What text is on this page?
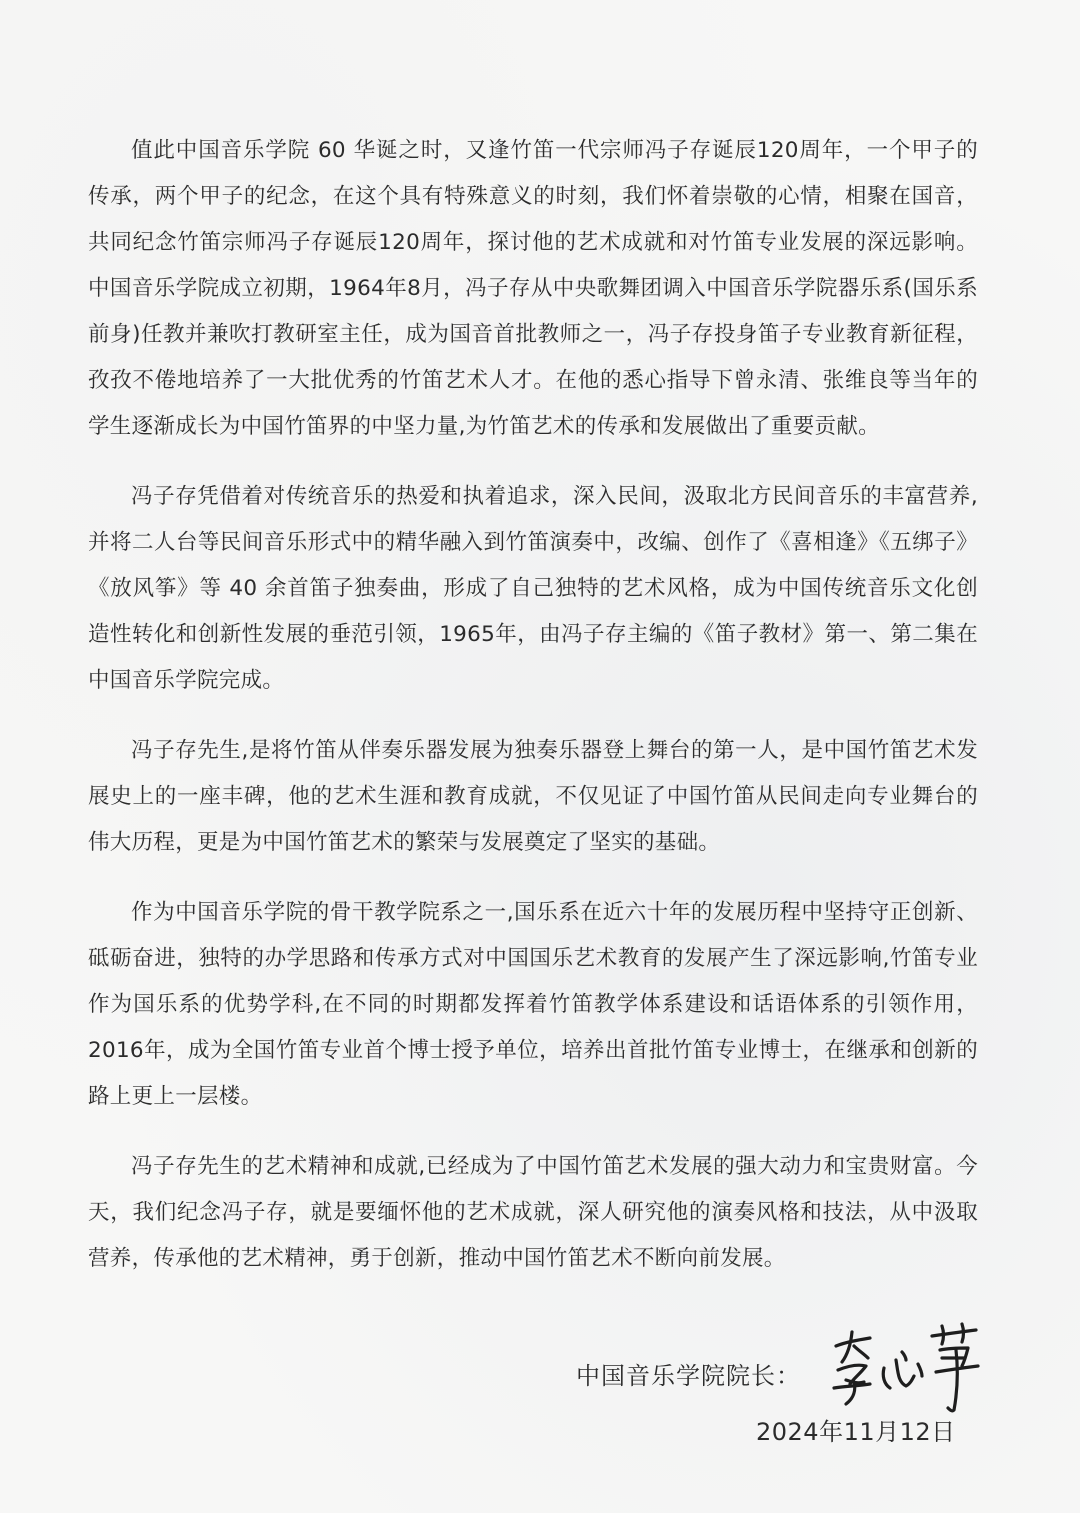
值此中国音乐学院 60 华诞之时，又逢竹笛一代宗师冯子存诞辰120周年，一个甲子的传承，两个甲子的纪念，在这个具有特殊意义的时刻，我们怀着崇敬的心情，相聚在国音，共同纪念竹笛宗师冯子存诞辰120周年，探讨他的艺术成就和对竹笛专业发展的深远影响。中国音乐学院成立初期，1964年8月，冯子存从中央歌舞团调入中国音乐学院器乐系(国乐系前身)任教并兼吹打教研室主任，成为国音首批教师之一，冯子存投身笛子专业教育新征程，孜孜不倦地培养了一大批优秀的竹笛艺术人才。在他的悉心指导下曾永清、张维良等当年的学生逐渐成长为中国竹笛界的中坚力量,为竹笛艺术的传承和发展做出了重要贡献。

冯子存凭借着对传统音乐的热爱和执着追求，深入民间，汲取北方民间音乐的丰富营养,并将二人台等民间音乐形式中的精华融入到竹笛演奏中，改编、创作了《喜相逢》《五绑子》《放风筝》等 40 余首笛子独奏曲，形成了自己独特的艺术风格，成为中国传统音乐文化创造性转化和创新性发展的垂范引领，1965年，由冯子存主编的《笛子教材》第一、第二集在中国音乐学院完成。

冯子存先生,是将竹笛从伴奏乐器发展为独奏乐器登上舞台的第一人，是中国竹笛艺术发展史上的一座丰碑，他的艺术生涯和教育成就，不仅见证了中国竹笛从民间走向专业舞台的伟大历程，更是为中国竹笛艺术的繁荣与发展奠定了坚实的基础。

作为中国音乐学院的骨干教学院系之一,国乐系在近六十年的发展历程中坚持守正创新、砥砺奋进，独特的办学思路和传承方式对中国国乐艺术教育的发展产生了深远影响,竹笛专业作为国乐系的优势学科,在不同的时期都发挥着竹笛教学体系建设和话语体系的引领作用，2016年，成为全国竹笛专业首个博士授予单位，培养出首批竹笛专业博士，在继承和创新的路上更上一层楼。

冯子存先生的艺术精神和成就,已经成为了中国竹笛艺术发展的强大动力和宝贵财富。今天，我们纪念冯子存，就是要缅怀他的艺术成就，深人研究他的演奏风格和技法，从中汲取营养，传承他的艺术精神，勇于创新，推动中国竹笛艺术不断向前发展。

中国音乐学院院长：
2024年11月12日
